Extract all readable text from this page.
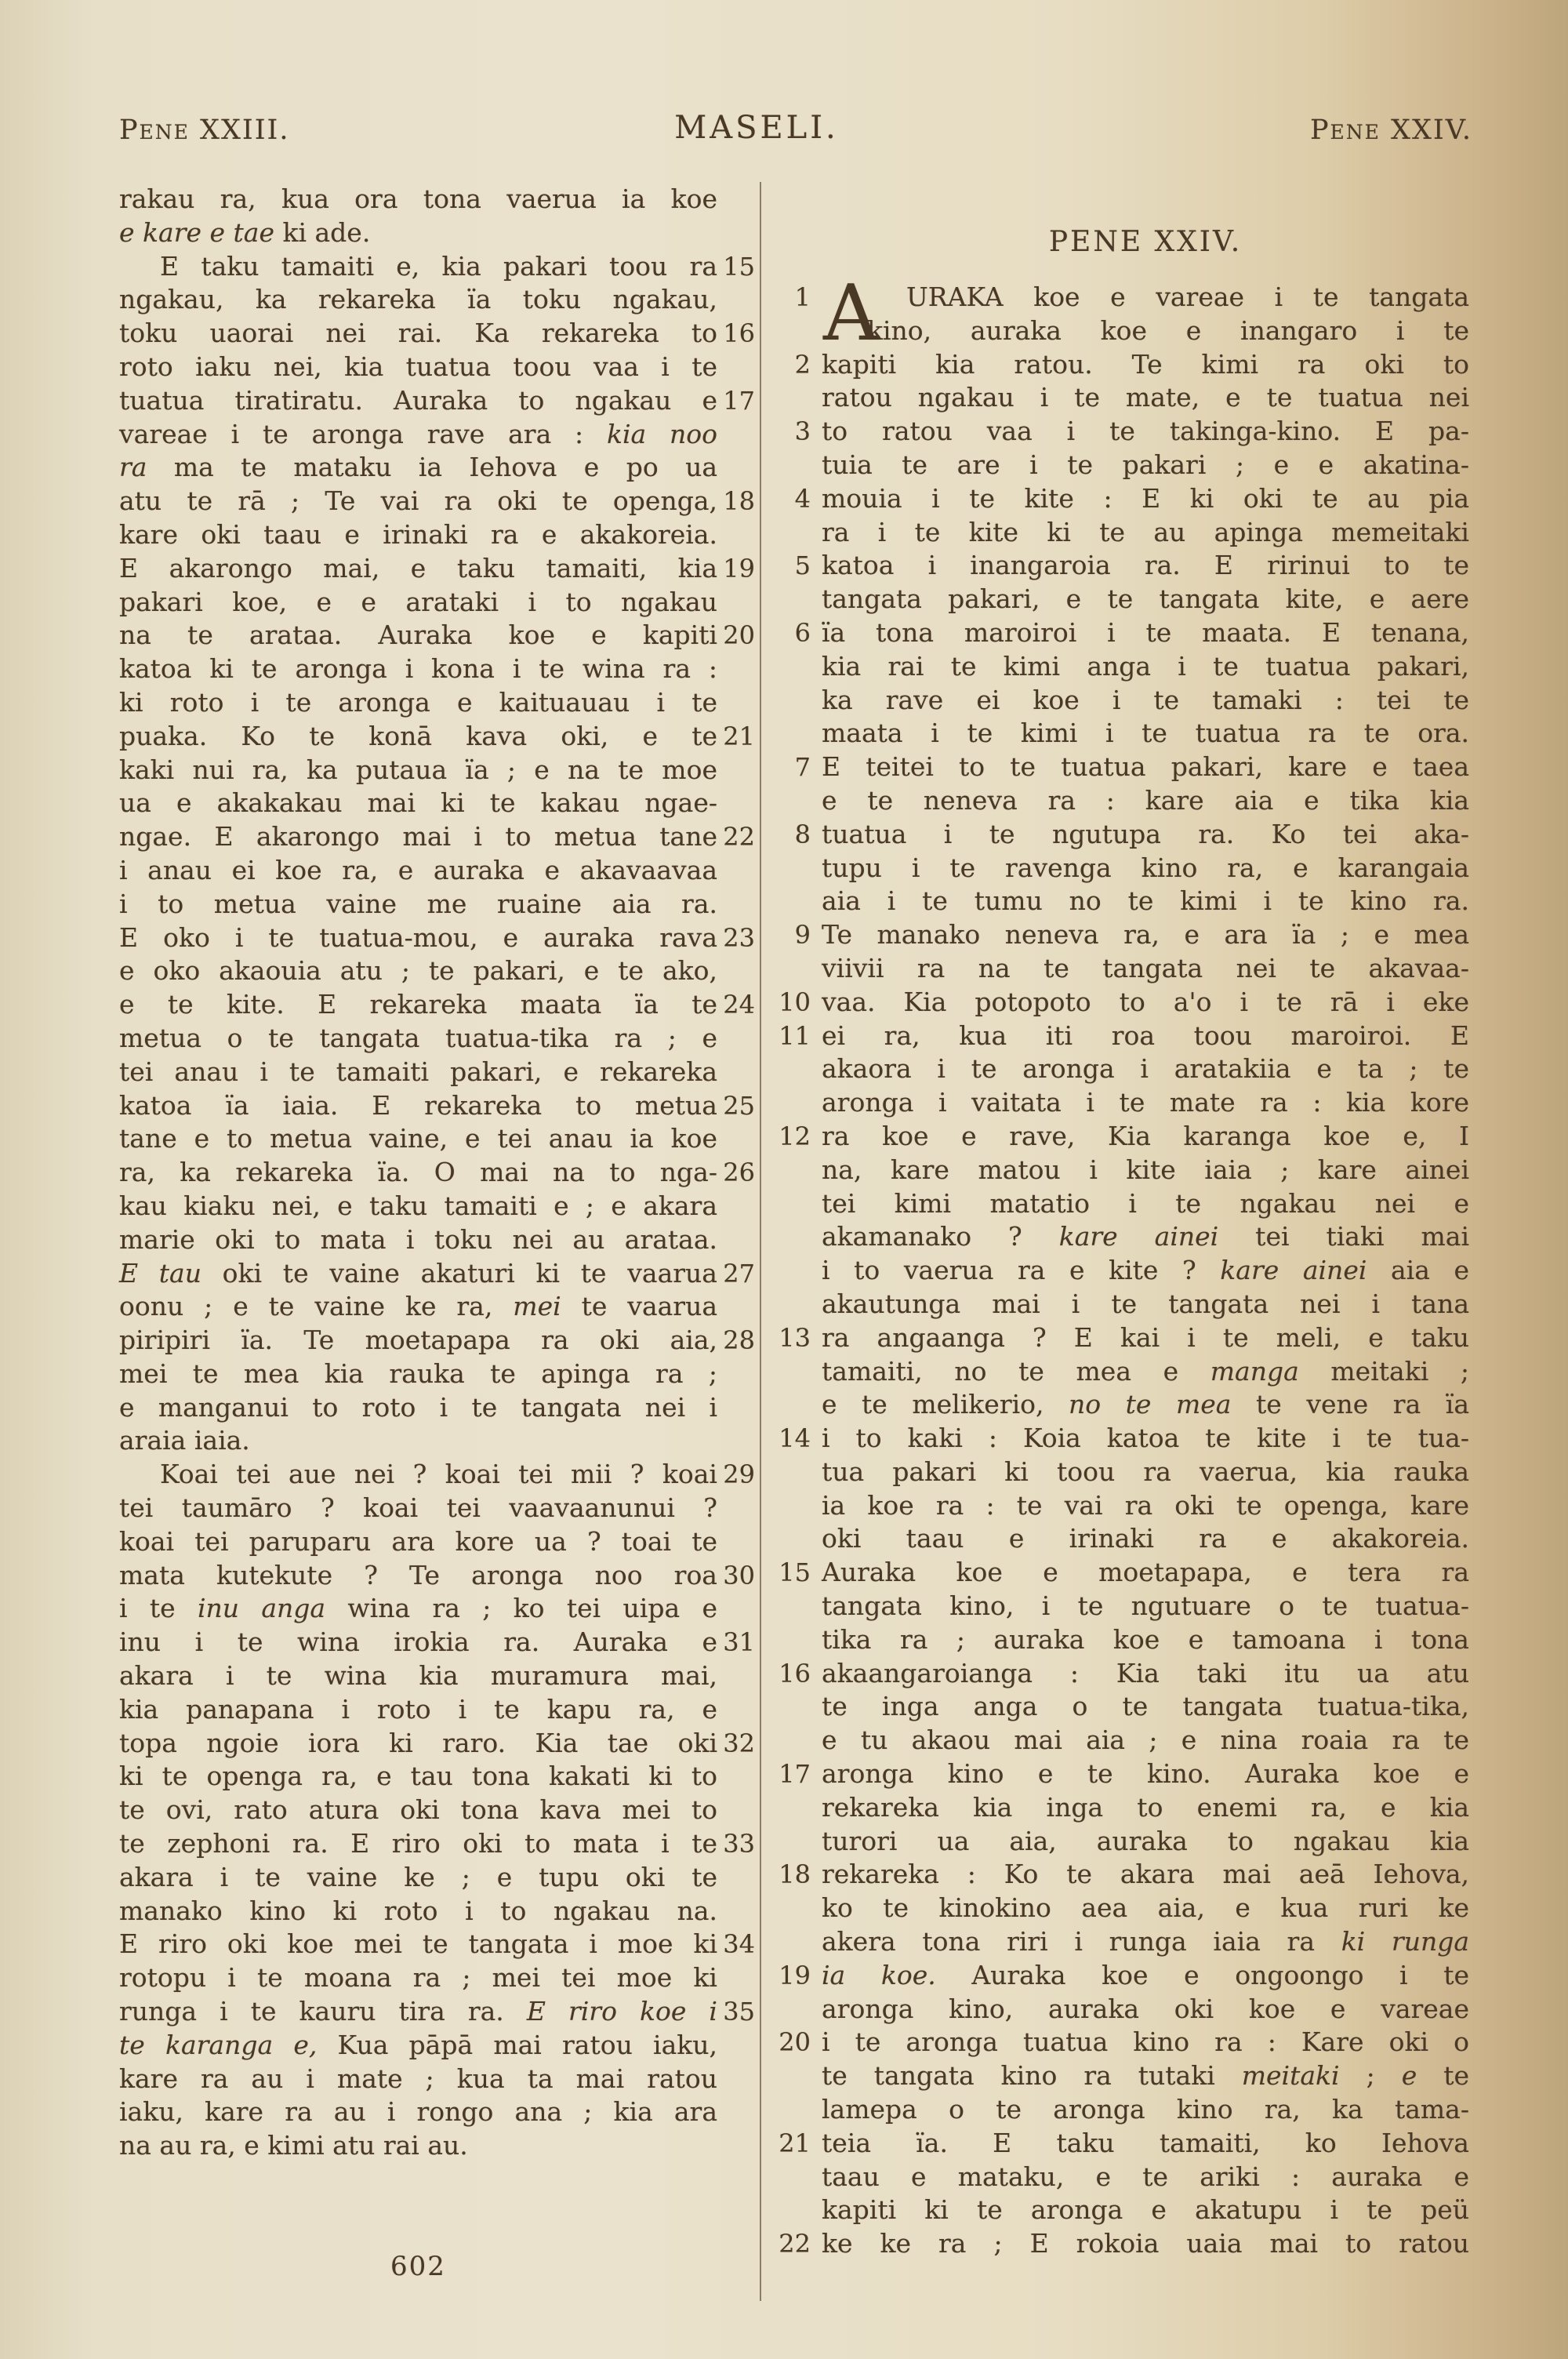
Pene XXIII.	MASELI.	Pene XXIV.
rakau ra, kua ora tona vaerua ia koe
e kare e tae ki ade.
15
E taku tamaiti e, kia pakari toou ra
ngakau, ka rekareka ïa toku ngakau,
16
toku uaorai nei rai. Ka rekareka to
roto iaku nei, kia tuatua toou vaa i te
17
tuatua tiratiratu. Auraka to ngakau e
vareae i te aronga rave ara : kia noo
ra ma te mataku ia Iehova e po ua
18
atu te rā ; Te vai ra oki te openga,
kare oki taau e irinaki ra e akakoreia.
19
E akarongo mai, e taku tamaiti, kia
pakari koe, e e arataki i to ngakau
20
na te arataa. Auraka koe e kapiti
katoa ki te aronga i kona i te wina ra :
ki roto i te aronga e kaituauau i te
21
puaka. Ko te konā kava oki, e te
kaki nui ra, ka putaua ïa ; e na te moe
ua e akakakau mai ki te kakau ngae-
22
ngae. E akarongo mai i to metua tane
i anau ei koe ra, e auraka e akavaavaa
i to metua vaine me ruaine aia ra.
23
E oko i te tuatua-mou, e auraka rava
e oko akaouia atu ; te pakari, e te ako,
24
e te kite. E rekareka maata ïa te
metua o te tangata tuatua-tika ra ; e
tei anau i te tamaiti pakari, e rekareka
25
katoa ïa iaia. E rekareka to metua
tane e to metua vaine, e tei anau ia koe
26
ra, ka rekareka ïa. O mai na to nga-
kau kiaku nei, e taku tamaiti e ; e akara
marie oki to mata i toku nei au arataa.
27
E tau oki te vaine akaturi ki te vaarua
oonu ; e te vaine ke ra, mei te vaarua
28
piripiri ïa. Te moetapapa ra oki aia,
mei te mea kia rauka te apinga ra ;
e manganui to roto i te tangata nei i
araia iaia.
29
Koai tei aue nei ? koai tei mii ? koai
tei taumāro ? koai tei vaavaanunui ?
koai tei paruparu ara kore ua ? toai te
30
mata kutekute ? Te aronga noo roa
i te inu anga wina ra ; ko tei uipa e
31
inu i te wina irokia ra. Auraka e
akara i te wina kia muramura mai,
kia panapana i roto i te kapu ra, e
32
topa ngoie iora ki raro. Kia tae oki
ki te openga ra, e tau tona kakati ki to
te ovi, rato atura oki tona kava mei to
33
te zephoni ra. E riro oki to mata i te
akara i te vaine ke ; e tupu oki te
manako kino ki roto i to ngakau na.
34
E riro oki koe mei te tangata i moe ki
rotopu i te moana ra ; mei tei moe ki
35
runga i te kauru tira ra. E riro koe i
te karanga e, Kua pāpā mai ratou iaku,
kare ra au i mate ; kua ta mai ratou
iaku, kare ra au i rongo ana ; kia ara
na au ra, e kimi atu rai au.
PENE XXIV.
A
1	URAKA koe e vareae i te tangata
kino, auraka koe e inangaro i te
2 kapiti kia ratou. Te kimi ra oki to
ratou ngakau i te mate, e te tuatua nei
3 to ratou vaa i te takinga-kino. E pa-
tuia te are i te pakari ; e e akatina-
4 mouia i te kite : E ki oki te au pia
ra i te kite ki te au apinga memeitaki
5 katoa i inangaroia ra. E ririnui to te
tangata pakari, e te tangata kite, e aere
6 ïa tona maroiroi i te maata. E tenana,
kia rai te kimi anga i te tuatua pakari,
ka rave ei koe i te tamaki : tei te
maata i te kimi i te tuatua ra te ora.
7 E teitei to te tuatua pakari, kare e taea
e te neneva ra : kare aia e tika kia
8 tuatua i te ngutupa ra. Ko tei aka-
tupu i te ravenga kino ra, e karangaia
aia i te tumu no te kimi i te kino ra.
9 Te manako neneva ra, e ara ïa ; e mea
viivii ra na te tangata nei te akavaa-
10 vaa. Kia potopoto to a'o i te rā i eke
11 ei ra, kua iti roa toou maroiroi. E
akaora i te aronga i aratakiia e ta ; te
aronga i vaitata i te mate ra : kia kore
12 ra koe e rave, Kia karanga koe e, I
na, kare matou i kite iaia ; kare ainei
tei kimi matatio i te ngakau nei e
akamanako ? kare ainei tei tiaki mai
i to vaerua ra e kite ? kare ainei aia e
akautunga mai i te tangata nei i tana
13 ra angaanga ? E kai i te meli, e taku
tamaiti, no te mea e manga meitaki ;
e te melikerio, no te mea te vene ra ïa
14 i to kaki : Koia katoa te kite i te tua-
tua pakari ki toou ra vaerua, kia rauka
ia koe ra : te vai ra oki te openga, kare
oki taau e irinaki ra e akakoreia.
15 Auraka koe e moetapapa, e tera ra
tangata kino, i te ngutuare o te tuatua-
tika ra ; auraka koe e tamoana i tona
16 akaangaroianga : Kia taki itu ua atu
te inga anga o te tangata tuatua-tika,
e tu akaou mai aia ; e nina roaia ra te
17 aronga kino e te kino. Auraka koe e
rekareka kia inga to enemi ra, e kia
turori ua aia, auraka to ngakau kia
18 rekareka : Ko te akara mai aeā Iehova,
ko te kinokino aea aia, e kua ruri ke
akera tona riri i runga iaia ra ki runga
19 ia koe. Auraka koe e ongoongo i te
aronga kino, auraka oki koe e vareae
20 i te aronga tuatua kino ra : Kare oki o
te tangata kino ra tutaki meitaki ; e te
lamepa o te aronga kino ra, ka tama-
21 teia ïa. E taku tamaiti, ko Iehova
taau e mataku, e te ariki : auraka e
kapiti ki te aronga e akatupu i te peü
22 ke ke ra ; E rokoia uaia mai to ratou
602
